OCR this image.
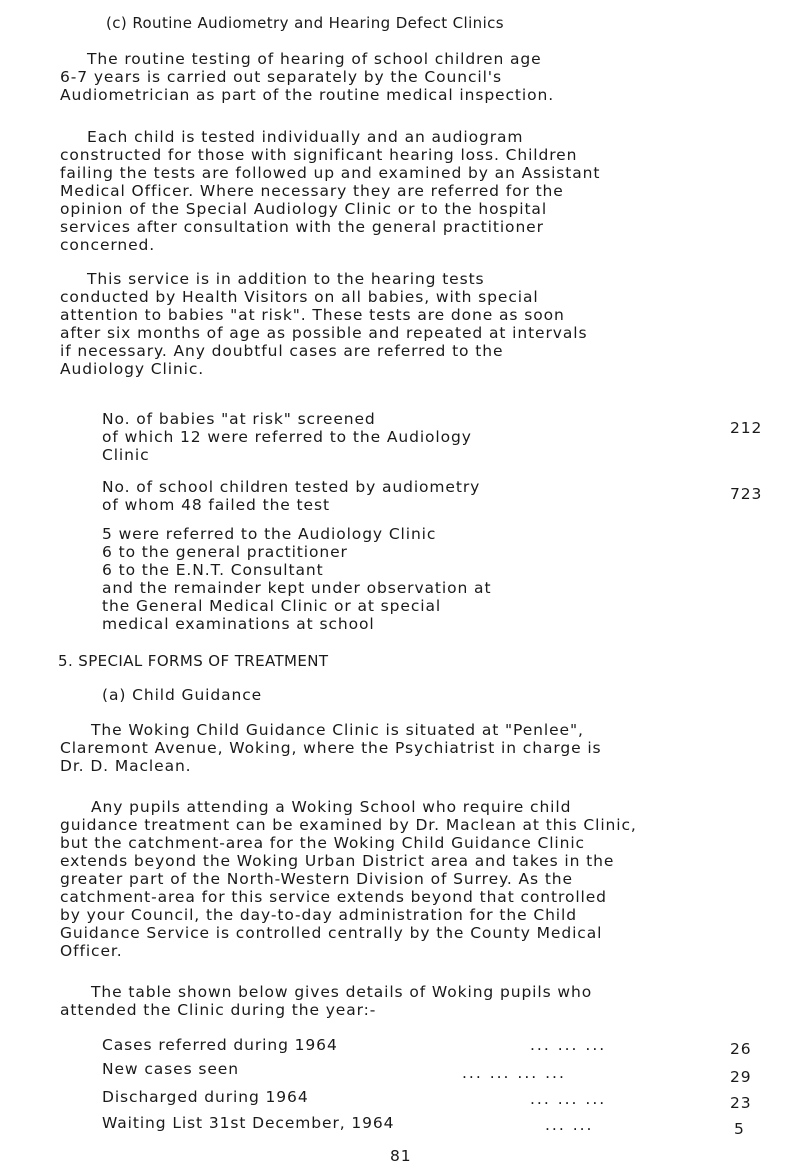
(c) Routine Audiometry and Hearing Defect Clinics
The routine testing of hearing of school children age
6-7 years is carried out separately by the Council's
Audiometrician as part of the routine medical inspection.
Each child is tested individually and an audiogram
constructed for those with significant hearing loss. Children
failing the tests are followed up and examined by an Assistant
Medical Officer. Where necessary they are referred for the
opinion of the Special Audiology Clinic or to the hospital
services after consultation with the general practitioner
concerned.
This service is in addition to the hearing tests
conducted by Health Visitors on all babies, with special
attention to babies "at risk". These tests are done as soon
after six months of age as possible and repeated at intervals
if necessary. Any doubtful cases are referred to the
Audiology Clinic.
No. of babies "at risk" screened
of which 12 were referred to the Audiology
Clinic
212
No. of school children tested by audiometry
of whom 48 failed the test
723
5 were referred to the Audiology Clinic
6 to the general practitioner
6 to the E.N.T. Consultant
and the remainder kept under observation at
the General Medical Clinic or at special
medical examinations at school
5. SPECIAL FORMS OF TREATMENT
(a) Child Guidance
The Woking Child Guidance Clinic is situated at "Penlee",
Claremont Avenue, Woking, where the Psychiatrist in charge is
Dr. D. Maclean.
Any pupils attending a Woking School who require child
guidance treatment can be examined by Dr. Maclean at this Clinic,
but the catchment-area for the Woking Child Guidance Clinic
extends beyond the Woking Urban District area and takes in the
greater part of the North-Western Division of Surrey. As the
catchment-area for this service extends beyond that controlled
by your Council, the day-to-day administration for the Child
Guidance Service is controlled centrally by the County Medical
Officer.
The table shown below gives details of Woking pupils who
attended the Clinic during the year:-
Cases referred during 1964	... ... ...	26
New cases seen	... ... ... ...	29
Discharged during 1964	... ... ...	23
Waiting List 31st December, 1964	... ...	5
81
